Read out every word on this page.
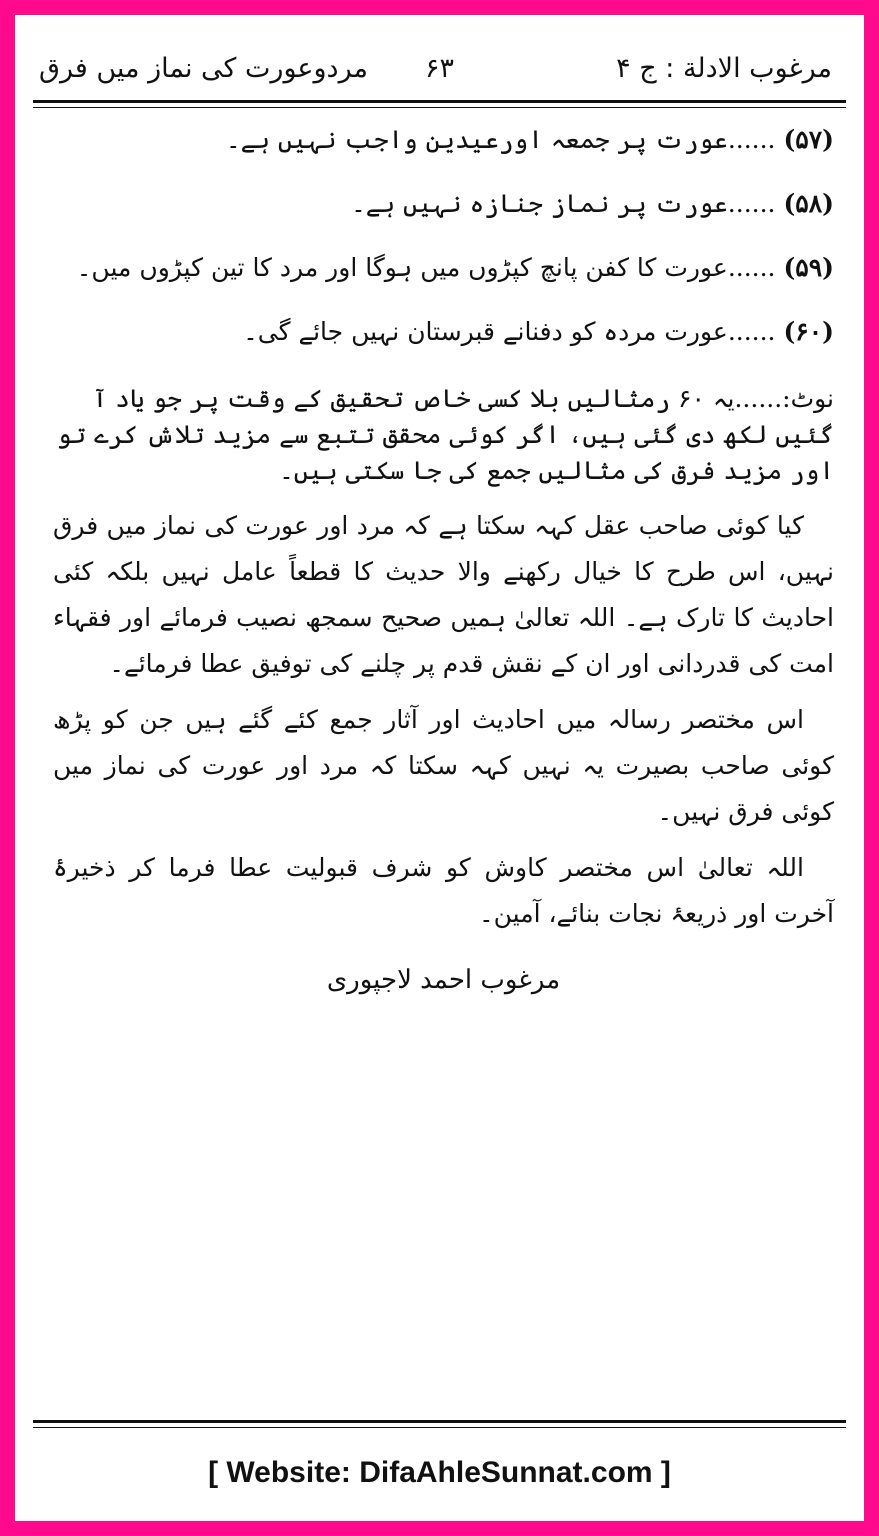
مرغوب الادلة : ج ۴
۶۳
مردوعورت کی نماز میں فرق
(۵۷) ......عورت پر جمعہ اورعیدین واجب نہیں ہے۔
(۵۸) ......عورت پر نماز جنازہ نہیں ہے۔
(۵۹) ......عورت کا کفن پانچ کپڑوں میں ہوگا اور مرد کا تین کپڑوں میں۔
(۶۰) ......عورت مردہ کو دفنانے قبرستان نہیں جائے گی۔

نوٹ:......یہ ۶۰ رمثالیں بلا کسی خاص تحقیق کے وقت پر جو یاد آ گئیں لکھ دی گئی ہیں، اگر کوئی محقق تتبع سے مزید تلاش کرے تو اور مزید فرق کی مثالیں جمع کی جا سکتی ہیں۔

کیا کوئی صاحب عقل کہہ سکتا ہے کہ مرد اور عورت کی نماز میں فرق نہیں، اس طرح کا خیال رکھنے والا حدیث کا قطعاً عامل نہیں بلکہ کئی احادیث کا تارک ہے۔ اللہ تعالیٰ ہمیں صحیح سمجھ نصیب فرمائے اور فقہاء امت کی قدردانی اور ان کے نقش قدم پر چلنے کی توفیق عطا فرمائے۔

اس مختصر رسالہ میں احادیث اور آثار جمع کئے گئے ہیں جن کو پڑھ کوئی صاحب بصیرت یہ نہیں کہہ سکتا کہ مرد اور عورت کی نماز میں کوئی فرق نہیں۔

اللہ تعالیٰ اس مختصر کاوش کو شرف قبولیت عطا فرما کر ذخیرۂ آخرت اور ذریعۂ نجات بنائے، آمین۔

مرغوب احمد لاجپوری
[ Website: DifaAhleSunnat.com ]
